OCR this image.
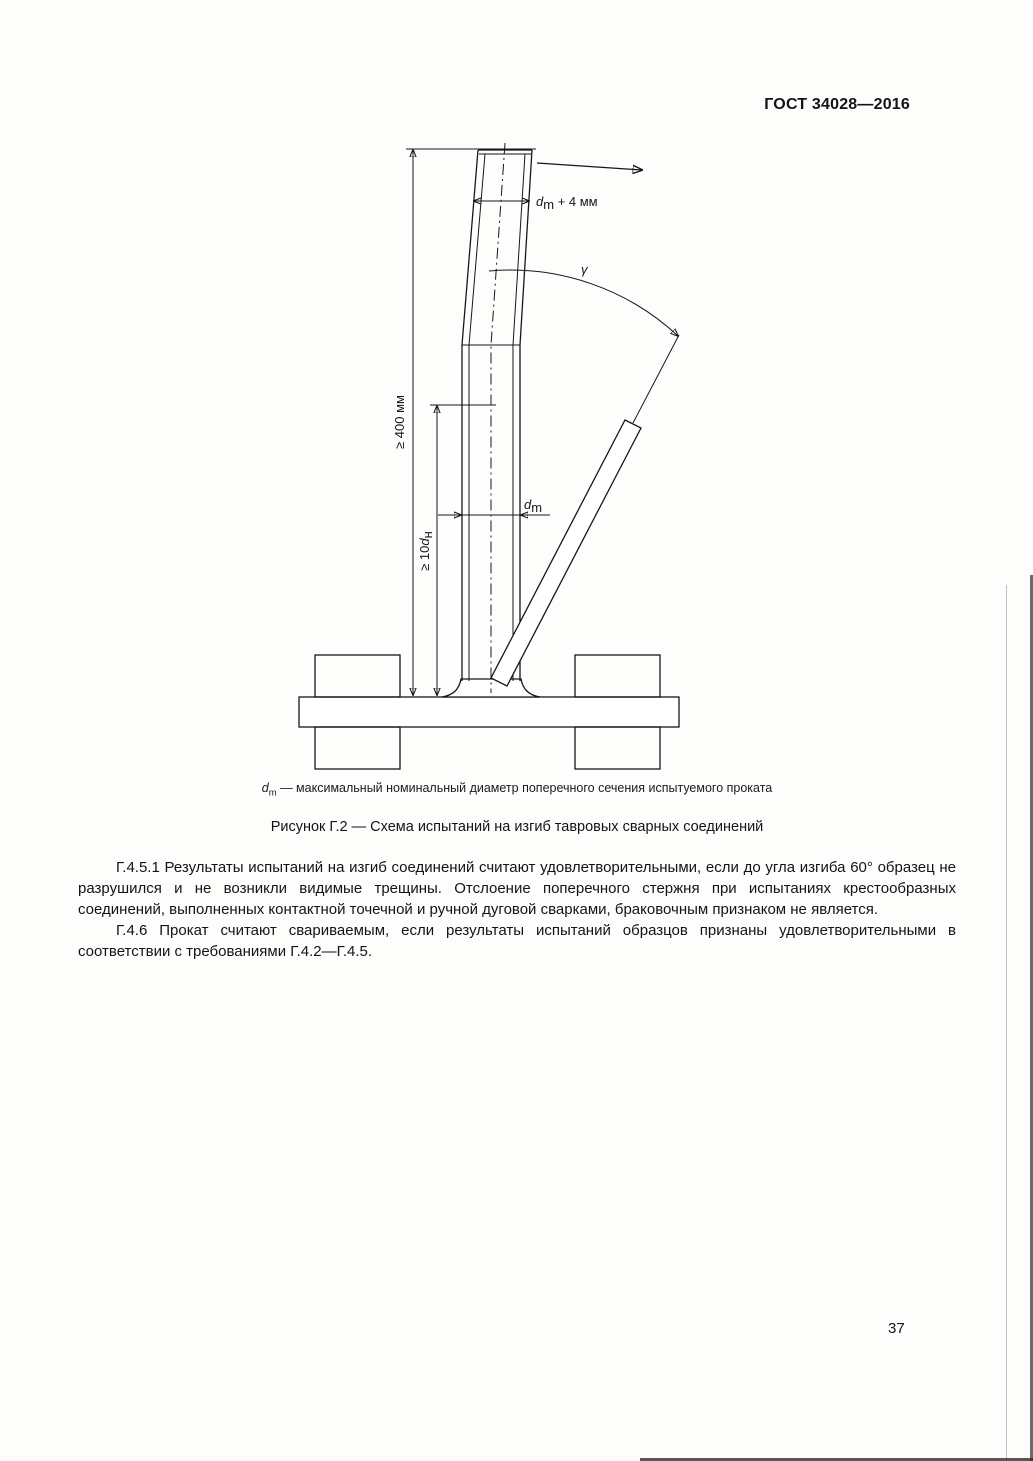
ГОСТ 34028—2016
dm + 4 мм
γ
≥ 400 мм
≥ 10dн
dm
$d_m$ — максимальный номинальный диаметр поперечного сечения испытуемого проката
Рисунок Г.2 — Схема испытаний на изгиб тавровых сварных соединений

Г.4.5.1 Результаты испытаний на изгиб соединений считают удовлетворительными, если до угла изгиба 60° образец не разрушился и не возникли видимые трещины. Отслоение поперечного стержня при испытаниях крестообразных соединений, выполненных контактной точечной и ручной дуговой сварками, браковочным признаком не является.

Г.4.6 Прокат считают свариваемым, если результаты испытаний образцов признаны удовлетворительными в соответствии с требованиями Г.4.2—Г.4.5.

37
